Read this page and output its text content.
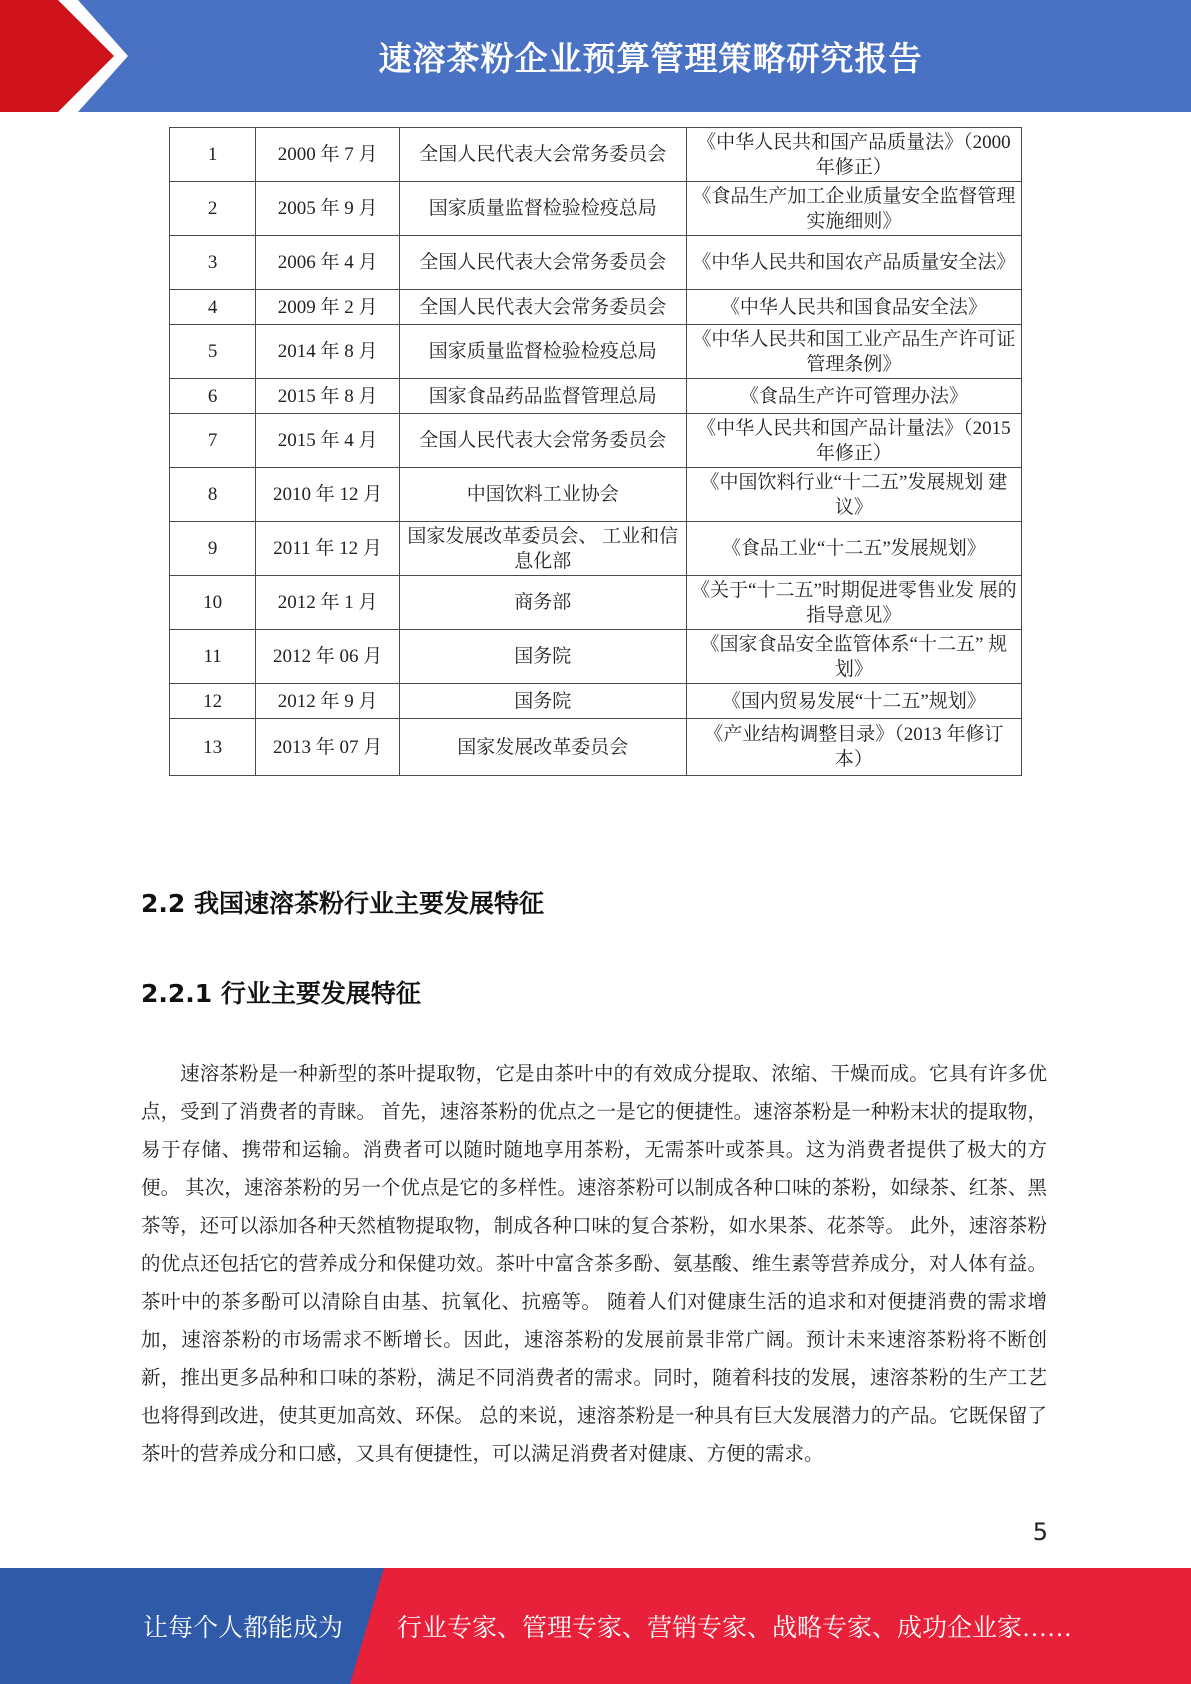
速溶茶粉企业预算管理策略研究报告
1	2000 年 7 月	全国人民代表大会常务委员会	《中华人民共和国产品质量法》（2000 年修正）
2	2005 年 9 月	国家质量监督检验检疫总局	《食品生产加工企业质量安全监督管理实施细则》
3	2006 年 4 月	全国人民代表大会常务委员会	《中华人民共和国农产品质量安全法》
4	2009 年 2 月	全国人民代表大会常务委员会	《中华人民共和国食品安全法》
5	2014 年 8 月	国家质量监督检验检疫总局	《中华人民共和国工业产品生产许可证管理条例》
6	2015 年 8 月	国家食品药品监督管理总局	《食品生产许可管理办法》
7	2015 年 4 月	全国人民代表大会常务委员会	《中华人民共和国产品计量法》（2015 年修正）
8	2010 年 12 月	中国饮料工业协会	《中国饮料行业“十二五”发展规划 建议》
9	2011 年 12 月	国家发展改革委员会、 工业和信息化部	《食品工业“十二五”发展规划》
10	2012 年 1 月	商务部	《关于“十二五”时期促进零售业发 展的指导意见》
11	2012 年 06 月	国务院	《国家食品安全监管体系“十二五” 规划》
12	2012 年 9 月	国务院	《国内贸易发展“十二五”规划》
13	2013 年 07 月	国家发展改革委员会	《产业结构调整目录》（2013 年修订本）
2.2 我国速溶茶粉行业主要发展特征
2.2.1 行业主要发展特征

速溶茶粉是一种新型的茶叶提取物，它是由茶叶中的有效成分提取、浓缩、干燥而成。它具有许多优点，受到了消费者的青睐。 首先，速溶茶粉的优点之一是它的便捷性。速溶茶粉是一种粉末状的提取物，易于存储、携带和运输。消费者可以随时随地享用茶粉，无需茶叶或茶具。这为消费者提供了极大的方便。 其次，速溶茶粉的另一个优点是它的多样性。速溶茶粉可以制成各种口味的茶粉，如绿茶、红茶、黑茶等，还可以添加各种天然植物提取物，制成各种口味的复合茶粉，如水果茶、花茶等。 此外，速溶茶粉的优点还包括它的营养成分和保健功效。茶叶中富含茶多酚、氨基酸、维生素等营养成分，对人体有益。茶叶中的茶多酚可以清除自由基、抗氧化、抗癌等。 随着人们对健康生活的追求和对便捷消费的需求增加，速溶茶粉的市场需求不断增长。因此，速溶茶粉的发展前景非常广阔。预计未来速溶茶粉将不断创新，推出更多品种和口味的茶粉，满足不同消费者的需求。同时，随着科技的发展，速溶茶粉的生产工艺也将得到改进，使其更加高效、环保。 总的来说，速溶茶粉是一种具有巨大发展潜力的产品。它既保留了茶叶的营养成分和口感，又具有便捷性，可以满足消费者对健康、方便的需求。

5
让每个人都能成为 行业专家、管理专家、营销专家、战略专家、成功企业家……
